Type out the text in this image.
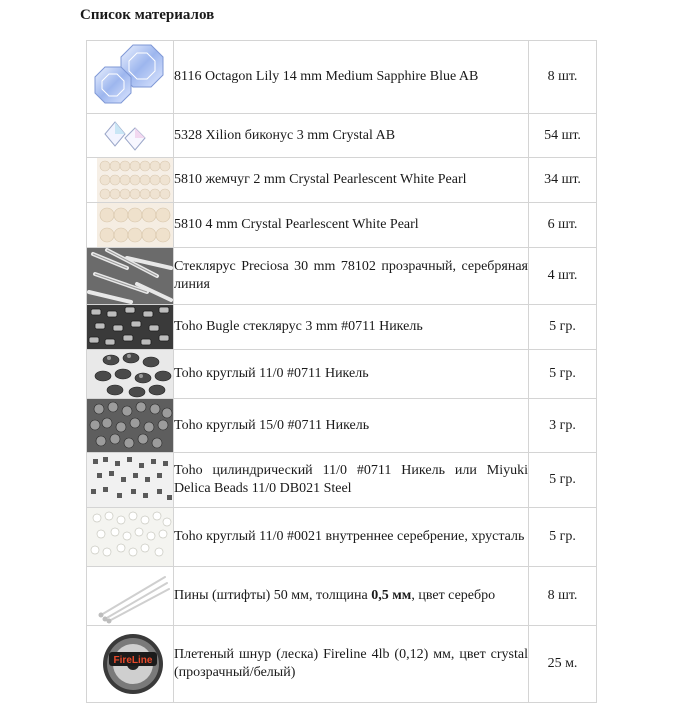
Список материалов
	8116 Octagon Lily 14 mm Medium Sapphire Blue AB	8 шт.

	5328 Xilion биконус 3 mm Crystal AB	54 шт.

	5810 жемчуг 2 mm Crystal Pearlescent White Pearl	34 шт.

	5810 4 mm Crystal Pearlescent White Pearl	6 шт.

	Стеклярус Preciosa 30 mm 78102 прозрачный, серебряная линия	4 шт.

	Toho Bugle стеклярус 3 mm #0711 Никель	5 гр.

	Toho круглый 11/0 #0711 Никель	5 гр.

	Toho круглый 15/0 #0711 Никель	3 гр.

	Toho цилиндрический 11/0 #0711 Никель или Miyuki Delica Beads 11/0 DB021 Steel	5 гр.

	Toho круглый 11/0 #0021 внутреннее серебрение, хрусталь	5 гр.

	Пины (штифты) 50 мм, толщина 0,5 мм, цвет серебро	8 шт.

FireLine	Плетеный шнур (леска) Fireline 4lb (0,12) мм, цвет crystal (прозрачный/белый)	25 м.
